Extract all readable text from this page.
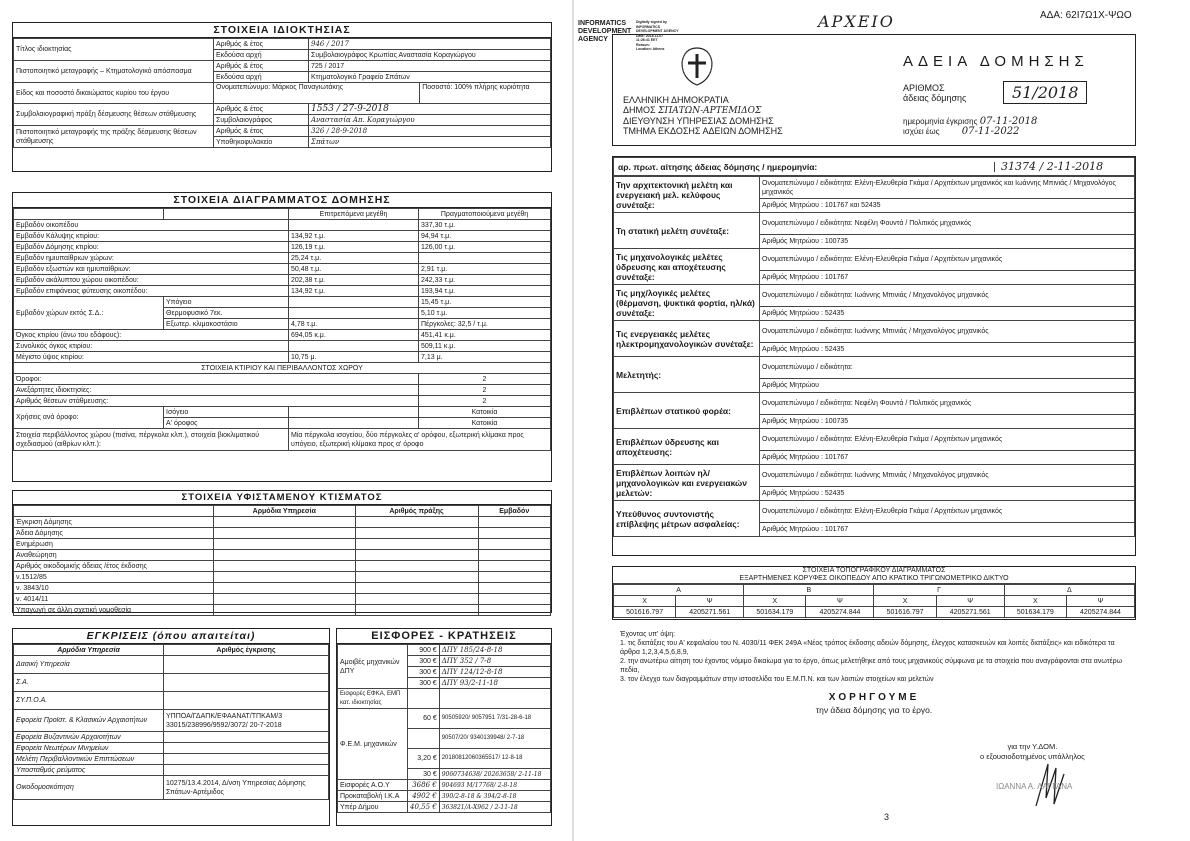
ΣΤΟΙΧΕΙΑ ΙΔΙΟΚΤΗΣΙΑΣ
Τίτλος ιδιοκτησίας	Αριθμός & έτος	946 / 2017
	Εκδούσα αρχή	Συμβολαιογράφος Κρωπίας Αναστασία Κοραγιώργου
Πιστοποιητικό μεταγραφής – Κτηματολογικό απόσπασμα	Αριθμός & έτος	725 / 2017
	Εκδούσα αρχή	Κτηματολογικό Γραφείο Σπάτων
Είδος και ποσοστό δικαιώματος κυρίου του έργου	Ονοματεπώνυμο: Μάρκος Παναγιωτάκης Ποσοστό: 100% πλήρης κυριότητα	

Συμβολαιογραφική πράξη δέσμευσης θέσεων στάθμευσης	Αριθμός & έτος	1553 / 27-9-2018
	Συμβολαιογράφος	Αναστασία Απ. Κοραγιώργου
Πιστοποιητικό μεταγραφής της πράξης δέσμευσης θέσεων στάθμευσης	Αριθμός & έτος	326 / 28-9-2018
	Υποθηκοφυλακείο	Σπάτων
ΣΤΟΙΧΕΙΑ ΔΙΑΓΡΑΜΜΑΤΟΣ ΔΟΜΗΣΗΣ
		Επιτρεπόμενα μεγέθη	Πραγματοποιούμενα μεγέθη
Εμβαδόν οικοπέδου			337,30 τ.μ.
Εμβαδόν Κάλυψης κτιρίου:		134,92 τ.μ.	94,94 τ.μ.
Εμβαδόν Δόμησης κτιρίου:		126,19 τ.μ.	126,00 τ.μ.
Εμβαδόν ημιυπαίθριων χώρων:		25,24 τ.μ.	
Εμβαδόν εξωστών και ημιυπαίθριων:		50,48 τ.μ.	2,91 τ.μ.
Εμβαδόν ακάλυπτου χώρου οικοπέδου:		202,38 τ.μ.	242,33 τ.μ.
Εμβαδόν επιφάνειας φύτευσης οικοπέδου:		134,92 τ.μ.	193,94 τ.μ.
Εμβαδόν χώρων εκτός Σ.Δ.:	Υπόγειο		15,45 τ.μ.
	Θερμοφυσικό 7εκ.		5,10 τ.μ.
	Εξωτερ. κλιμακοστάσιο	4,78 τ.μ.	Πέργκολες: 32,5 / τ.μ.
Όγκος κτιρίου (άνω του εδάφους):		694,05 κ.μ.	451,41 κ.μ.
Συνολικός όγκος κτιρίου:			509,11 κ.μ.
Μέγιστο ύψος κτιρίου:		10,75 μ.	7,13 μ.
ΣΤΟΙΧΕΙΑ ΚΤΙΡΙΟΥ ΚΑΙ ΠΕΡΙΒΑΛΛΟΝΤΟΣ ΧΩΡΟΥ			
Όροφοι:			2
Ανεξάρτητες ιδιοκτησίες:			2
Αριθμός θέσεων στάθμευσης:			2
Χρήσεις ανά όροφο:	Ισόγειο		Κατοικία
	Α' όροφος		Κατοικία
Στοιχεία περιβάλλοντος χώρου (πισίνα, πέργκολα κλπ.), στοιχεία βιοκλιματικού σχεδιασμού (αιθρίων κλπ.):		Μία πέργκολα ισογείου, δύο πέργκολες α' ορόφου, εξωτερική κλίμακα προς υπόγειο, εξωτερική κλίμακα προς α' όροφο	
ΣΤΟΙΧΕΙΑ ΥΦΙΣΤΑΜΕΝΟΥ ΚΤΙΣΜΑΤΟΣ
	Αρμόδια Υπηρεσία	Αριθμός πράξης	Εμβαδόν
Έγκριση Δόμησης			
Άδεια Δόμησης			
Ενημέρωση			
Αναθεώρηση			
Αριθμός οικοδομικής άδειας /έτος έκδοσης			
ν.1512/85			
ν. 3843/10			
ν. 4014/11			
Υπαγωγή σε άλλη σχετική νομοθεσία			
ΕΓΚΡΙΣΕΙΣ (όπου απαιτείται)
Αρμόδια Υπηρεσία	Αριθμός έγκρισης
Δασική Υπηρεσία	
Σ.Α.	
ΣΥ.Π.Ο.Α.	
Εφορεία Προϊστ. & Κλασικών Αρχαιοτήτων	ΥΠΠΟΑ/ΓΔΑΠΚ/ΕΦΑΑΝΑΤ/ΤΠΚΑΜ/3 33015/238996/9592/3072/ 20-7-2018
Εφορεία Βυζαντινών Αρχαιοτήτων	
Εφορεία Νεωτέρων Μνημείων	
Μελέτη Περιβαλλοντικών Επιπτώσεων	
Υποσταθμός ρεύματος	
Οικοδομοσκόπηση	10275/13.4.2014, Δ/νση Υπηρεσίας Δόμησης Σπάτων-Αρτέμιδος
ΕΙΣΦΟΡΕΣ - ΚΡΑΤΗΣΕΙΣ
Αμοιβές μηχανικών ΔΠΥ	900 €	ΔΠΥ 185/24-8-18
	300 €	ΔΠΥ 352 / 7-8
	300 €	ΔΠΥ 124/12-8-18
	300 €	ΔΠΥ 93/2-11-18
Εισφορές ΕΦΚΑ, ΕΜΠ κατ. ιδιοκτησίας		
Φ.Ε.Μ. μηχανικών	60 €	90505920/ 9057951 7/31-28-6-18
		90507/20/ 9340139948/ 2-7-18
	3,20 €	20180812060365517/ 12-8-18
	30 €	9060734638/ 20263658/ 2-11-18
Εισφορές Α.Ο.Υ	3686 €	904693 Μ/17768/ 2-8-18
Προκαταβολή Ι.Κ.Α	4902 €	390/2-8-18 & 394/2-8-18
Υπέρ Δήμου	40,55 €	363821/Α-Χ962 / 2-11-18
ΑΔΑ: 62Ι7Ω1Χ-ΨΩΟ
ΑΡΧΕΙΟ
INFORMATICS
DEVELOPMENT
AGENCY
Digitally signed by
INFORMATICS
DEVELOPMENT AGENCY
Date: 2018.11.07
11:26:41 EET
Reason:
Location: Athens
ΕΛΛΗΝΙΚΗ ΔΗΜΟΚΡΑΤΙΑ
ΔΗΜΟΣ ΣΠΑΤΩΝ-ΑΡΤΕΜΙΔΟΣ
ΔΙΕΥΘΥΝΣΗ ΥΠΗΡΕΣΙΑΣ ΔΟΜΗΣΗΣ
ΤΜΗΜΑ ΕΚΔΟΣΗΣ ΑΔΕΙΩΝ ΔΟΜΗΣΗΣ
ΑΔΕΙΑ ΔΟΜΗΣΗΣ
ΑΡΙΘΜΟΣ
άδειας δόμησης	51/2018
ημερομηνία έγκρισης 07-11-2018
ισχύει έως 07-11-2022
αρ. πρωτ. αίτησης άδειας δόμησης / ημερομηνία:	31374 / 2-11-2018
Την αρχιτεκτονική μελέτη και ενεργειακή μελ. κελύφους συνέταξε:	Ονοματεπώνυμο / ειδικότητα: Ελένη-Ελευθερία Γκάμα / Αρχιτέκτων μηχανικός και Ιωάννης Μπινιάς / Μηχανολόγος μηχανικός
	Αριθμός Μητρώου : 101767 και 52435
Τη στατική μελέτη συνέταξε:	Ονοματεπώνυμο / ειδικότητα: Νεφέλη Φουντά / Πολιτικός μηχανικός
	Αριθμός Μητρώου : 100735
Τις μηχανολογικές μελέτες ύδρευσης και αποχέτευσης συνέταξε:	Ονοματεπώνυμο / ειδικότητα: Ελένη-Ελευθερία Γκάμα / Αρχιτέκτων μηχανικός
	Αριθμός Μητρώου : 101767
Τις μηχ/λογικές μελέτες (θέρμανση, ψυκτικά φορτία, ηλ/κά) συνέταξε:	Ονοματεπώνυμο / ειδικότητα: Ιωάννης Μπινιάς / Μηχανολόγος μηχανικός
	Αριθμός Μητρώου : 52435
Τις ενεργειακές μελέτες ηλεκτρομηχανολογικών συνέταξε:	Ονοματεπώνυμο / ειδικότητα: Ιωάννης Μπινιάς / Μηχανολόγος μηχανικός
	Αριθμός Μητρώου : 52435
Μελετητής:	Ονοματεπώνυμο / ειδικότητα:
	Αριθμός Μητρώου
Επιβλέπων στατικού φορέα:	Ονοματεπώνυμο / ειδικότητα: Νεφέλη Φουντά / Πολιτικός μηχανικός
	Αριθμός Μητρώου : 100735
Επιβλέπων ύδρευσης και αποχέτευσης:	Ονοματεπώνυμο / ειδικότητα: Ελένη-Ελευθερία Γκάμα / Αρχιτέκτων μηχανικός
	Αριθμός Μητρώου : 101767
Επιβλέπων λοιπών ηλ/μηχανολογικών και ενεργειακών μελετών:	Ονοματεπώνυμο / ειδικότητα: Ιωάννης Μπινιάς / Μηχανολόγος μηχανικός
	Αριθμός Μητρώου : 52435
Υπεύθυνος συντονιστής επίβλεψης μέτρων ασφαλείας:	Ονοματεπώνυμο / ειδικότητα: Ελένη-Ελευθερία Γκάμα / Αρχιτέκτων μηχανικός
	Αριθμός Μητρώου : 101767
ΣΤΟΙΧΕΙΑ ΤΟΠΟΓΡΑΦΙΚΟΥ ΔΙΑΓΡΑΜΜΑΤΟΣ
ΕΞΑΡΤΗΜΕΝΕΣ ΚΟΡΥΦΕΣ ΟΙΚΟΠΕΔΟΥ ΑΠΟ ΚΡΑΤΙΚΟ ΤΡΙΓΩΝΟΜΕΤΡΙΚΟ ΔΙΚΤΥΟ
Α		Β		Γ		Δ	
Χ	Ψ	Χ	Ψ	Χ	Ψ	Χ	Ψ
501616.797	4205271.561	501634.179	4205274.844	501616.797	4205271.561	501634.179	4205274.844
Έχοντας υπ' όψη:
1. τις διατάξεις του Α' κεφαλαίου του Ν. 4030/11 ΦΕΚ 249Α «Νέος τρόπος έκδοσης αδειών δόμησης, έλεγχος κατασκευών και λοιπές διατάξεις» και ειδικότερα τα άρθρα 1,2,3,4,5,6,8,9,
2. την ανωτέρω αίτηση του έχοντος νόμιμο δικαίωμα για το έργο, όπως μελετήθηκε από τους μηχανικούς σύμφωνα με τα στοιχεία που αναγράφονται στα ανωτέρω πεδία,
3. τον έλεγχο των διαγραμμάτων στην ιστοσελίδα του Ε.Μ.Π.Ν. και των λοιπών στοιχείων και μελετών
ΧΟΡΗΓΟΥΜΕ
την άδεια δόμησης για το έργο.
για την Υ.ΔΟΜ.
ο εξουσιοδοτημένος υπάλληλος
ΙΩΑΝΝΑ Α. ΛΑΓΓΑΝΑ
3
